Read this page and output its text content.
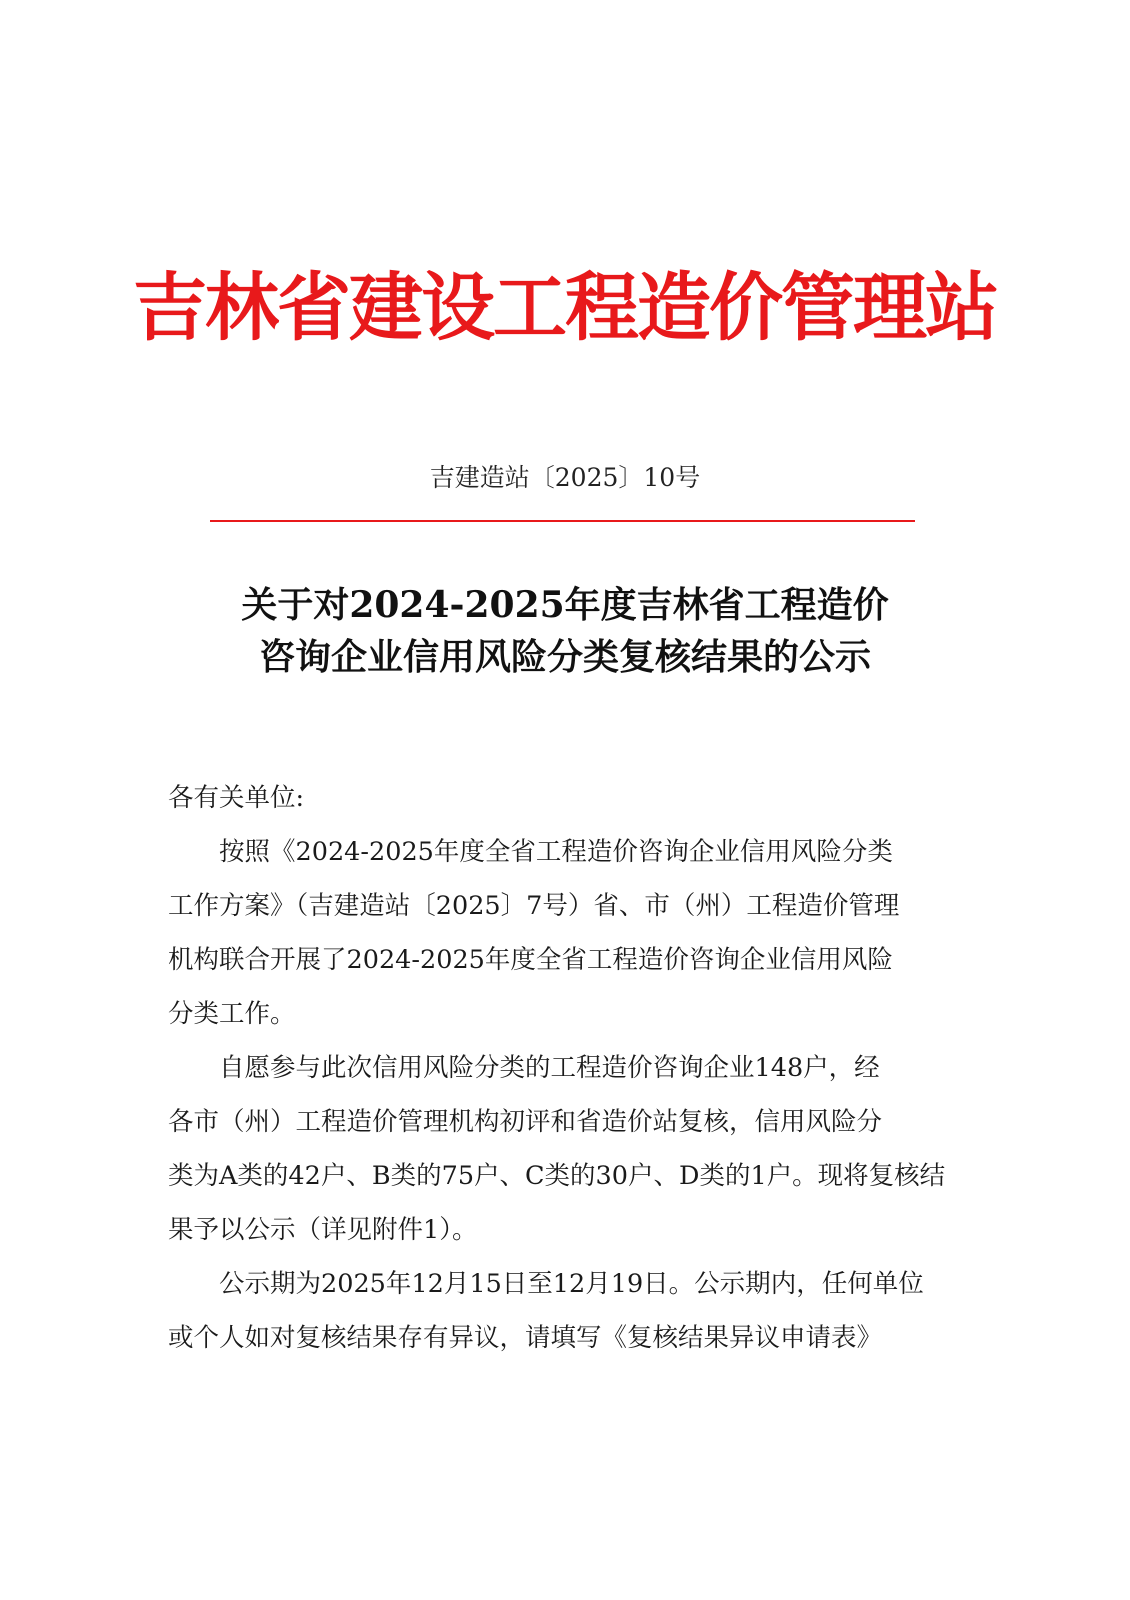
吉林省建设工程造价管理站
吉建造站〔2025〕10号
关于对2024-2025年度吉林省工程造价
咨询企业信用风险分类复核结果的公示
各有关单位:
　　按照《2024-2025年度全省工程造价咨询企业信用风险分类
工作方案》（吉建造站〔2025〕7号）省、市（州）工程造价管理
机构联合开展了2024-2025年度全省工程造价咨询企业信用风险
分类工作。
　　自愿参与此次信用风险分类的工程造价咨询企业148户，经
各市（州）工程造价管理机构初评和省造价站复核，信用风险分
类为A类的42户、B类的75户、C类的30户、D类的1户。现将复核结
果予以公示（详见附件1）。
　　公示期为2025年12月15日至12月19日。公示期内，任何单位
或个人如对复核结果存有异议，请填写《复核结果异议申请表》
